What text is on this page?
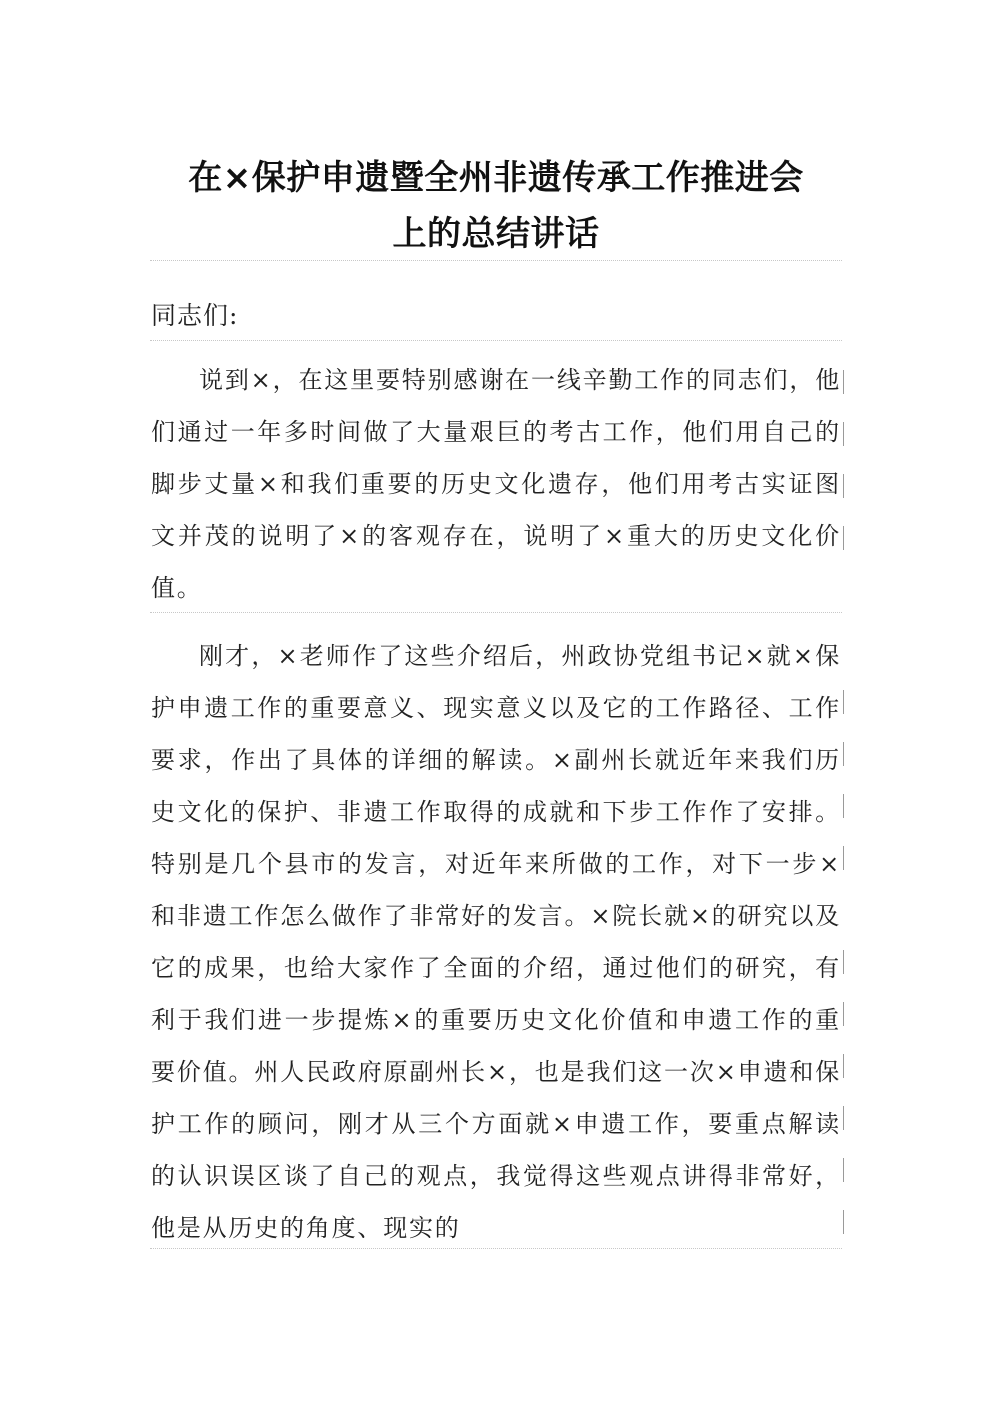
在×保护申遗暨全州非遗传承工作推进会
上的总结讲话
同志们:

说到×，在这里要特别感谢在一线辛勤工作的同志们，他们通过一年多时间做了大量艰巨的考古工作，他们用自己的脚步丈量×和我们重要的历史文化遗存，他们用考古实证图文并茂的说明了×的客观存在，说明了×重大的历史文化价值。

刚才，×老师作了这些介绍后，州政协党组书记×就×保护申遗工作的重要意义、现实意义以及它的工作路径、工作要求，作出了具体的详细的解读。×副州长就近年来我们历史文化的保护、非遗工作取得的成就和下步工作作了安排。特别是几个县市的发言，对近年来所做的工作，对下一步×和非遗工作怎么做作了非常好的发言。×院长就×的研究以及它的成果，也给大家作了全面的介绍，通过他们的研究，有利于我们进一步提炼×的重要历史文化价值和申遗工作的重要价值。州人民政府原副州长×，也是我们这一次×申遗和保护工作的顾问，刚才从三个方面就×申遗工作，要重点解读的认识误区谈了自己的观点，我觉得这些观点讲得非常好，他是从历史的角度、现实的
